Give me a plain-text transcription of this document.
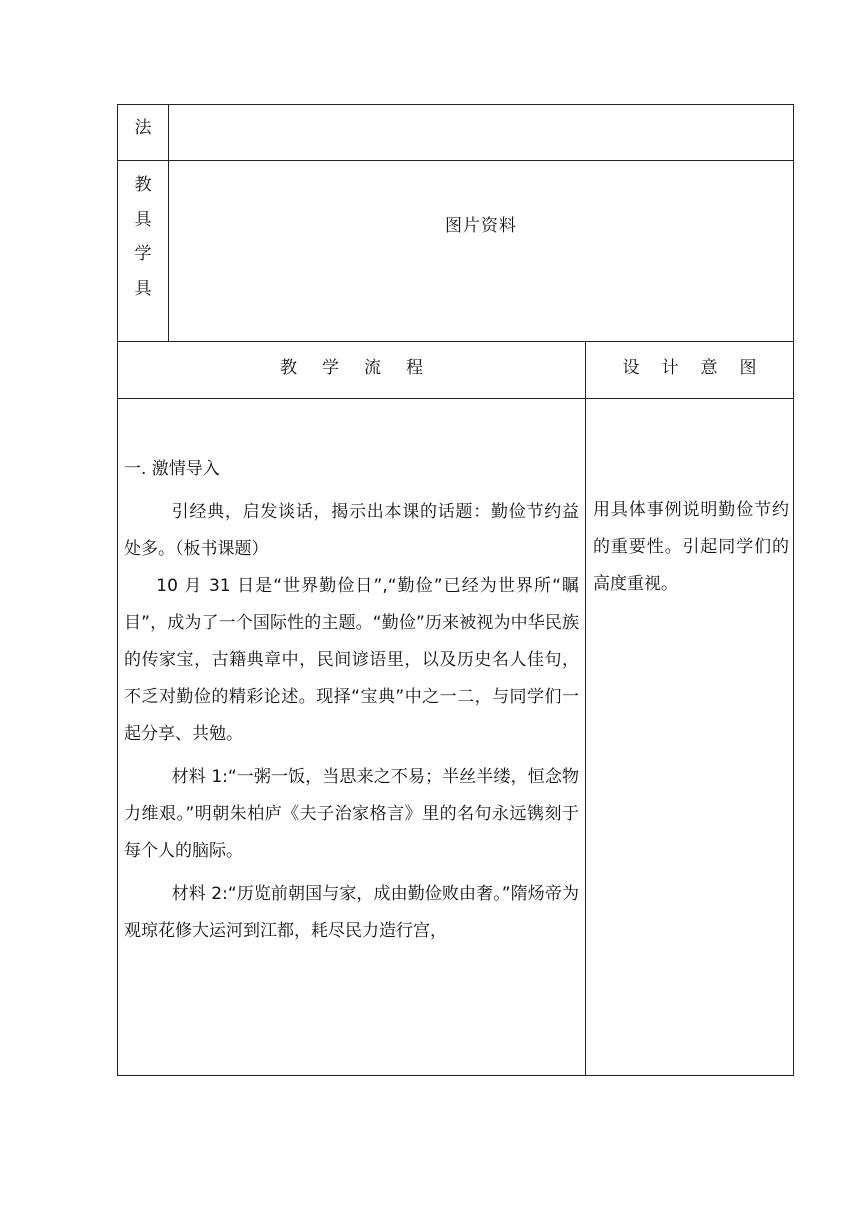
法
教
具
学
具
图片资料
教学流程	设计意图

一. 激情导入

引经典，启发谈话，揭示出本课的话题：勤俭节约益处多。（板书课题）

10 月 31 日是“世界勤俭日”,“勤俭”已经为世界所“瞩目”，成为了一个国际性的主题。“勤俭”历来被视为中华民族的传家宝，古籍典章中，民间谚语里，以及历史名人佳句，不乏对勤俭的精彩论述。现择“宝典”中之一二，与同学们一起分享、共勉。

材料 1:“一粥一饭，当思来之不易；半丝半缕，恒念物力维艰。”明朝朱柏庐《夫子治家格言》里的名句永远镌刻于每个人的脑际。

材料 2:“历览前朝国与家，成由勤俭败由奢。”隋炀帝为观琼花修大运河到江都，耗尽民力造行宫，

用具体事例说明勤俭节约的重要性。引起同学们的高度重视。
